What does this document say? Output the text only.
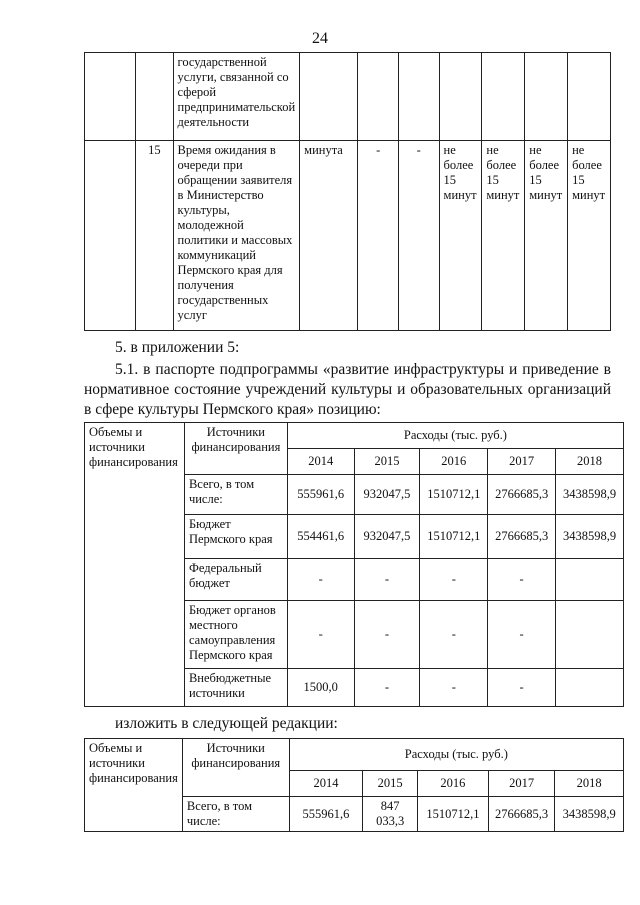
24
		государственной услуги, связанной со сферой предпринимательской деятельности							
	15	Время ожидания в очереди при обращении заявителя в Министерство культуры, молодежной политики и массовых коммуникаций Пермского края для получения государственных услуг	минута	-	-	не более 15 минут	не более 15 минут	не более 15 минут	не более 15 минут
5. в приложении 5:
5.1. в паспорте подпрограммы «развитие инфраструктуры и приведение в
нормативное состояние учреждений культуры и образовательных организаций
в сфере культуры Пермского края» позицию:
Объемы и источники финансирования	Источники финансирования	Расходы (тыс. руб.)				
		2014	2015	2016	2017	2018
	Всего, в том числе:	555961,6	932047,5	1510712,1	2766685,3	3438598,9
	Бюджет Пермского края	554461,6	932047,5	1510712,1	2766685,3	3438598,9
	Федеральный бюджет	-	-	-	-	
	Бюджет органов местного самоуправления Пермского края	-	-	-	-	
	Внебюджетные источники	1500,0	-	-	-	
изложить в следующей редакции:
Объемы и источники финансирования	Источники финансирования	Расходы (тыс. руб.)				
		2014	2015	2016	2017	2018
	Всего, в том числе:	555961,6	847 033,3	1510712,1	2766685,3	3438598,9
